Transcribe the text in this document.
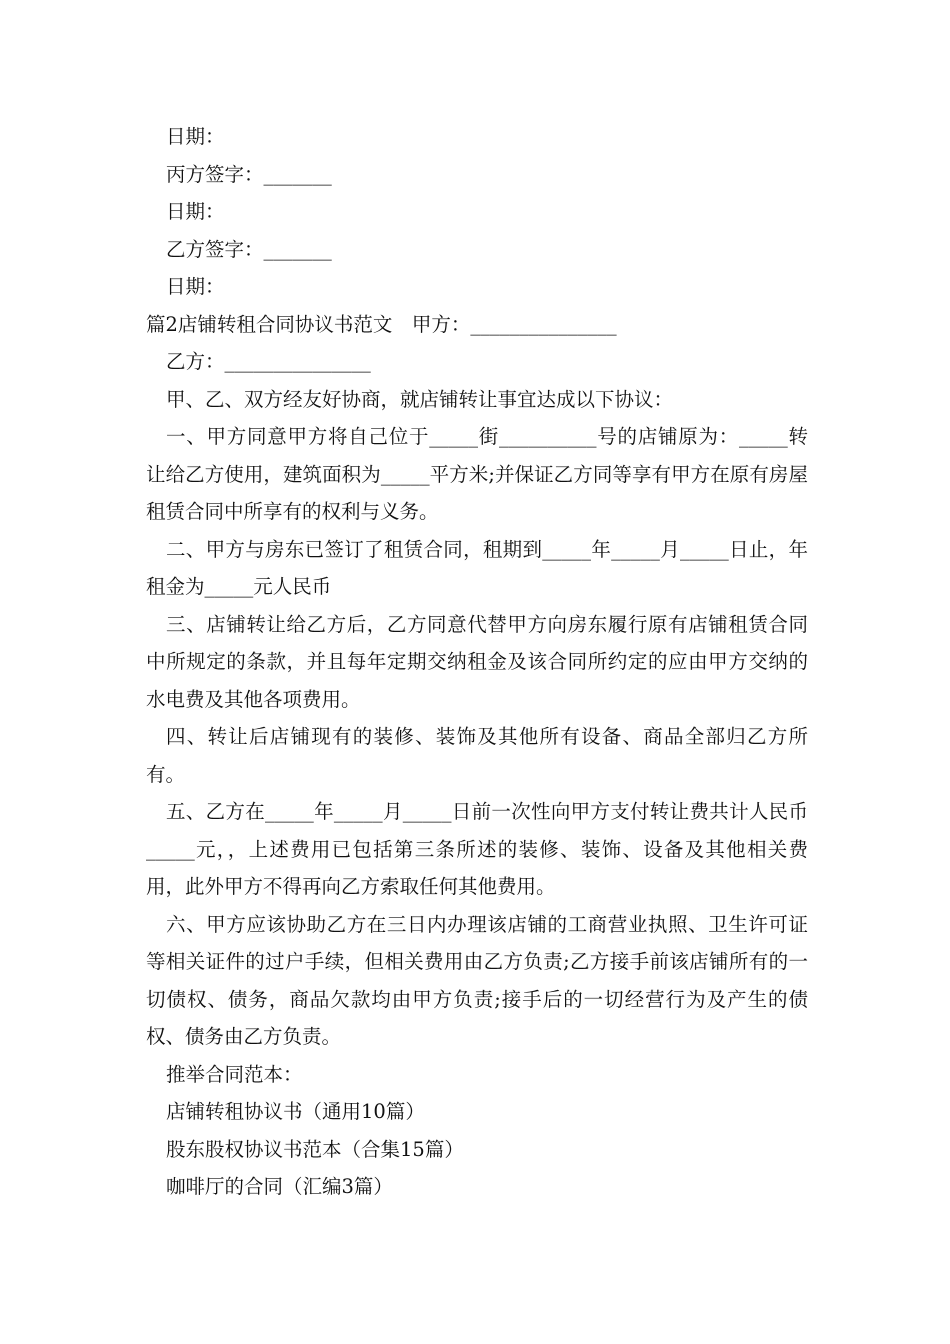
日期：
丙方签字：_______
日期：
乙方签字：_______
日期：
篇2店铺转租合同协议书范文　甲方：_______________
乙方：_______________

甲、乙、双方经友好协商，就店铺转让事宜达成以下协议：

一、甲方同意甲方将自己位于_____街__________号的店铺原为：_____转让给乙方使用，建筑面积为_____平方米;并保证乙方同等享有甲方在原有房屋租赁合同中所享有的权利与义务。

二、甲方与房东已签订了租赁合同，租期到_____年_____月_____日止，年租金为_____元人民币

三、店铺转让给乙方后，乙方同意代替甲方向房东履行原有店铺租赁合同中所规定的条款，并且每年定期交纳租金及该合同所约定的应由甲方交纳的水电费及其他各项费用。

四、转让后店铺现有的装修、装饰及其他所有设备、商品全部归乙方所有。

五、乙方在_____年_____月_____日前一次性向甲方支付转让费共计人民币_____元，，上述费用已包括第三条所述的装修、装饰、设备及其他相关费用，此外甲方不得再向乙方索取任何其他费用。

六、甲方应该协助乙方在三日内办理该店铺的工商营业执照、卫生许可证等相关证件的过户手续，但相关费用由乙方负责;乙方接手前该店铺所有的一切债权、债务，商品欠款均由甲方负责;接手后的一切经营行为及产生的债权、债务由乙方负责。

推举合同范本：
店铺转租协议书（通用10篇）
股东股权协议书范本（合集15篇）
咖啡厅的合同（汇编3篇）
